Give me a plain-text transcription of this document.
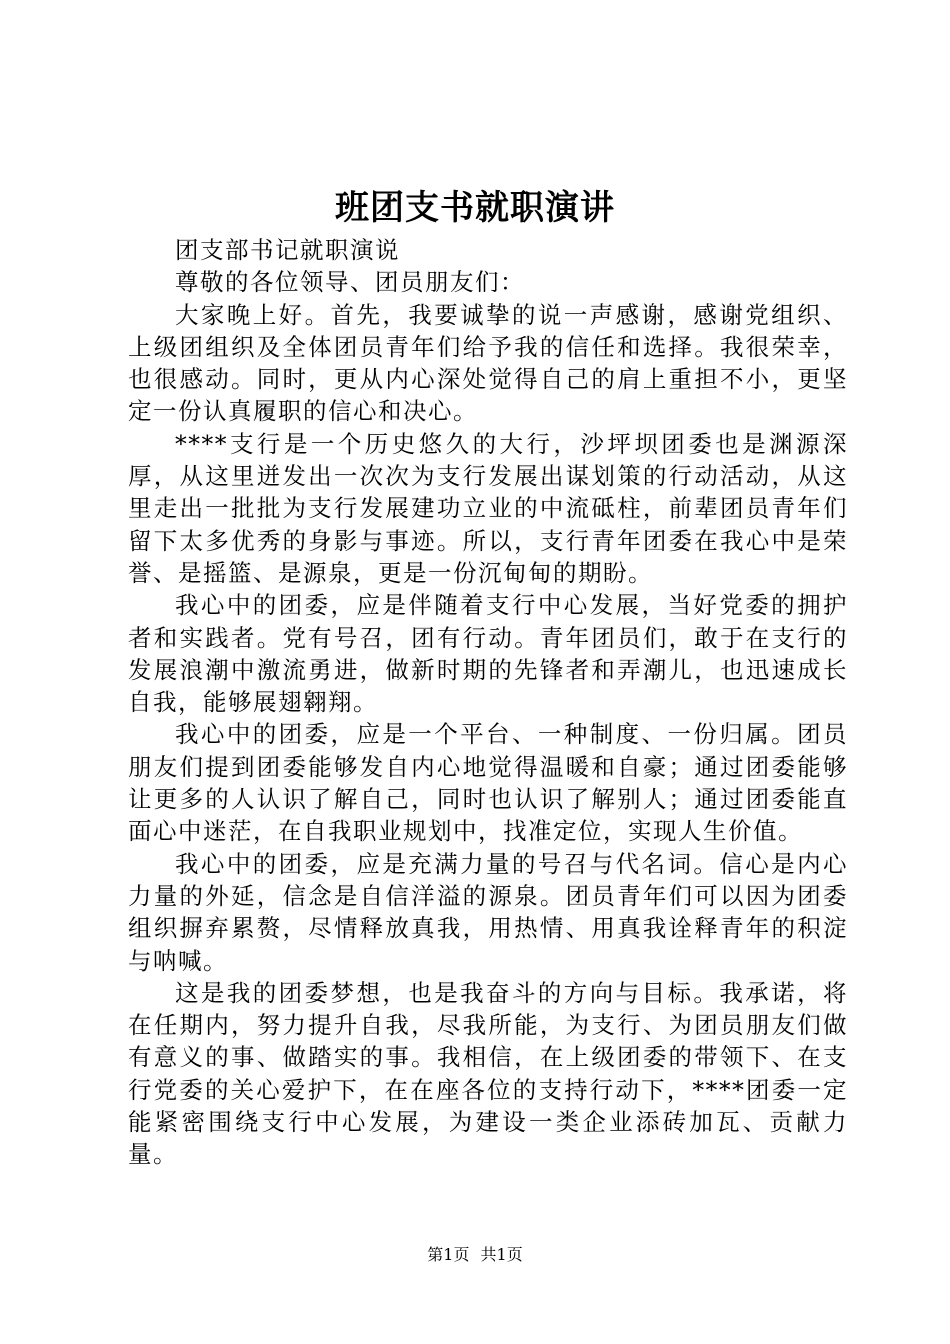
班团支书就职演讲

团支部书记就职演说

尊敬的各位领导、团员朋友们：

大家晚上好。首先，我要诚挚的说一声感谢，感谢党组织、上级团组织及全体团员青年们给予我的信任和选择。我很荣幸，也很感动。同时，更从内心深处觉得自己的肩上重担不小，更坚定一份认真履职的信心和决心。

****支行是一个历史悠久的大行，沙坪坝团委也是渊源深厚，从这里迸发出一次次为支行发展出谋划策的行动活动，从这里走出一批批为支行发展建功立业的中流砥柱，前辈团员青年们留下太多优秀的身影与事迹。所以，支行青年团委在我心中是荣誉、是摇篮、是源泉，更是一份沉甸甸的期盼。

我心中的团委，应是伴随着支行中心发展，当好党委的拥护者和实践者。党有号召，团有行动。青年团员们，敢于在支行的发展浪潮中激流勇进，做新时期的先锋者和弄潮儿，也迅速成长自我，能够展翅翱翔。

我心中的团委，应是一个平台、一种制度、一份归属。团员朋友们提到团委能够发自内心地觉得温暖和自豪；通过团委能够让更多的人认识了解自己，同时也认识了解别人；通过团委能直面心中迷茫，在自我职业规划中，找准定位，实现人生价值。

我心中的团委，应是充满力量的号召与代名词。信心是内心力量的外延，信念是自信洋溢的源泉。团员青年们可以因为团委组织摒弃累赘，尽情释放真我，用热情、用真我诠释青年的积淀与呐喊。

这是我的团委梦想，也是我奋斗的方向与目标。我承诺，将在任期内，努力提升自我，尽我所能，为支行、为团员朋友们做有意义的事、做踏实的事。我相信，在上级团委的带领下、在支行党委的关心爱护下，在在座各位的支持行动下，****团委一定能紧密围绕支行中心发展，为建设一类企业添砖加瓦、贡献力量。

第1页 共1页
